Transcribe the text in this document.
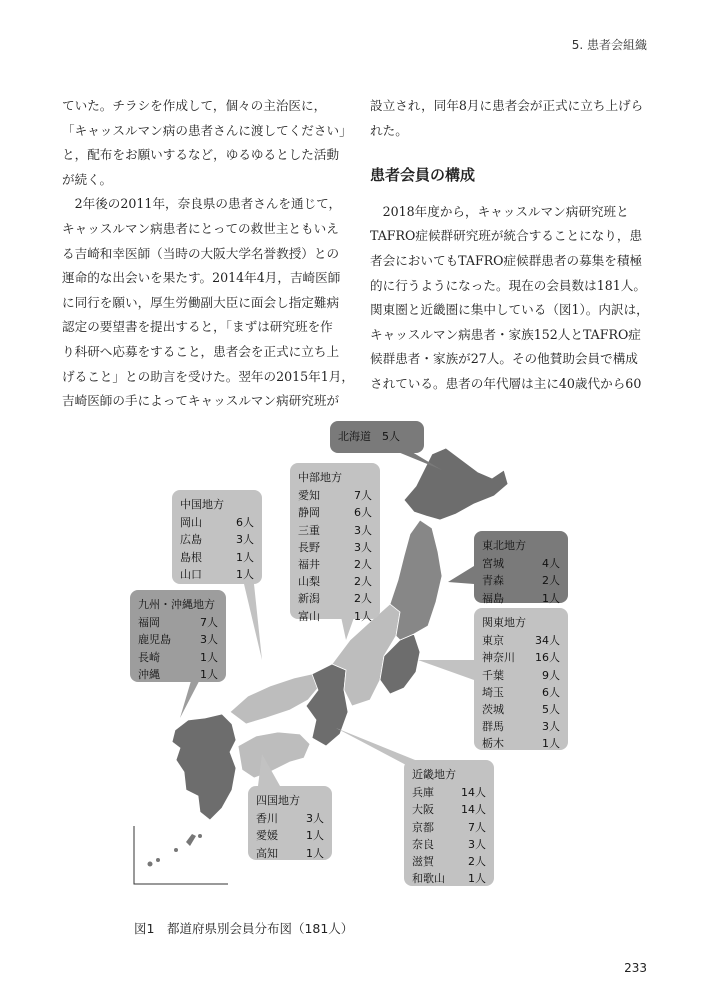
5. 患者会組織

ていた。チラシを作成して，個々の主治医に，

「キャッスルマン病の患者さんに渡してください」

と，配布をお願いするなど，ゆるゆるとした活動

が続く。

　2年後の2011年，奈良県の患者さんを通じて，

キャッスルマン病患者にとっての救世主ともいえ

る吉崎和幸医師（当時の大阪大学名誉教授）との

運命的な出会いを果たす。2014年4月，吉崎医師

に同行を願い，厚生労働副大臣に面会し指定難病

認定の要望書を提出すると，「まずは研究班を作

り科研へ応募をすること，患者会を正式に立ち上

げること」との助言を受けた。翌年の2015年1月，

吉崎医師の手によってキャッスルマン病研究班が

設立され，同年8月に患者会が正式に立ち上げら

れた。

患者会員の構成

　2018年度から，キャッスルマン病研究班と

TAFRO症候群研究班が統合することになり，患

者会においてもTAFRO症候群患者の募集を積極

的に行うようになった。現在の会員数は181人。

関東圏と近畿圏に集中している（図1）。内訳は，

キャッスルマン病患者・家族152人とTAFRO症

候群患者・家族が27人。その他賛助会員で構成

されている。患者の年代層は主に40歳代から60

北海道　5人
中部地方
愛知	7人
静岡	6人
三重	3人
長野	3人
福井	2人
山梨	2人
新潟	2人
富山	1人
中国地方
岡山	6人
広島	3人
島根	1人
山口	1人
東北地方
宮城	4人
青森	2人
福島	1人
九州・沖縄地方
福岡	7人
鹿児島	3人
長崎	1人
沖縄	1人
関東地方
東京	34人
神奈川 16人
千葉	9人
埼玉	6人
茨城	5人
群馬	3人
栃木	1人
四国地方
香川	3人
愛媛	1人
高知	1人
近畿地方
兵庫 14人
大阪 14人
京都	7人
奈良	3人
滋賀	2人
和歌山 1人
図1　都道府県別会員分布図（181人）
233
